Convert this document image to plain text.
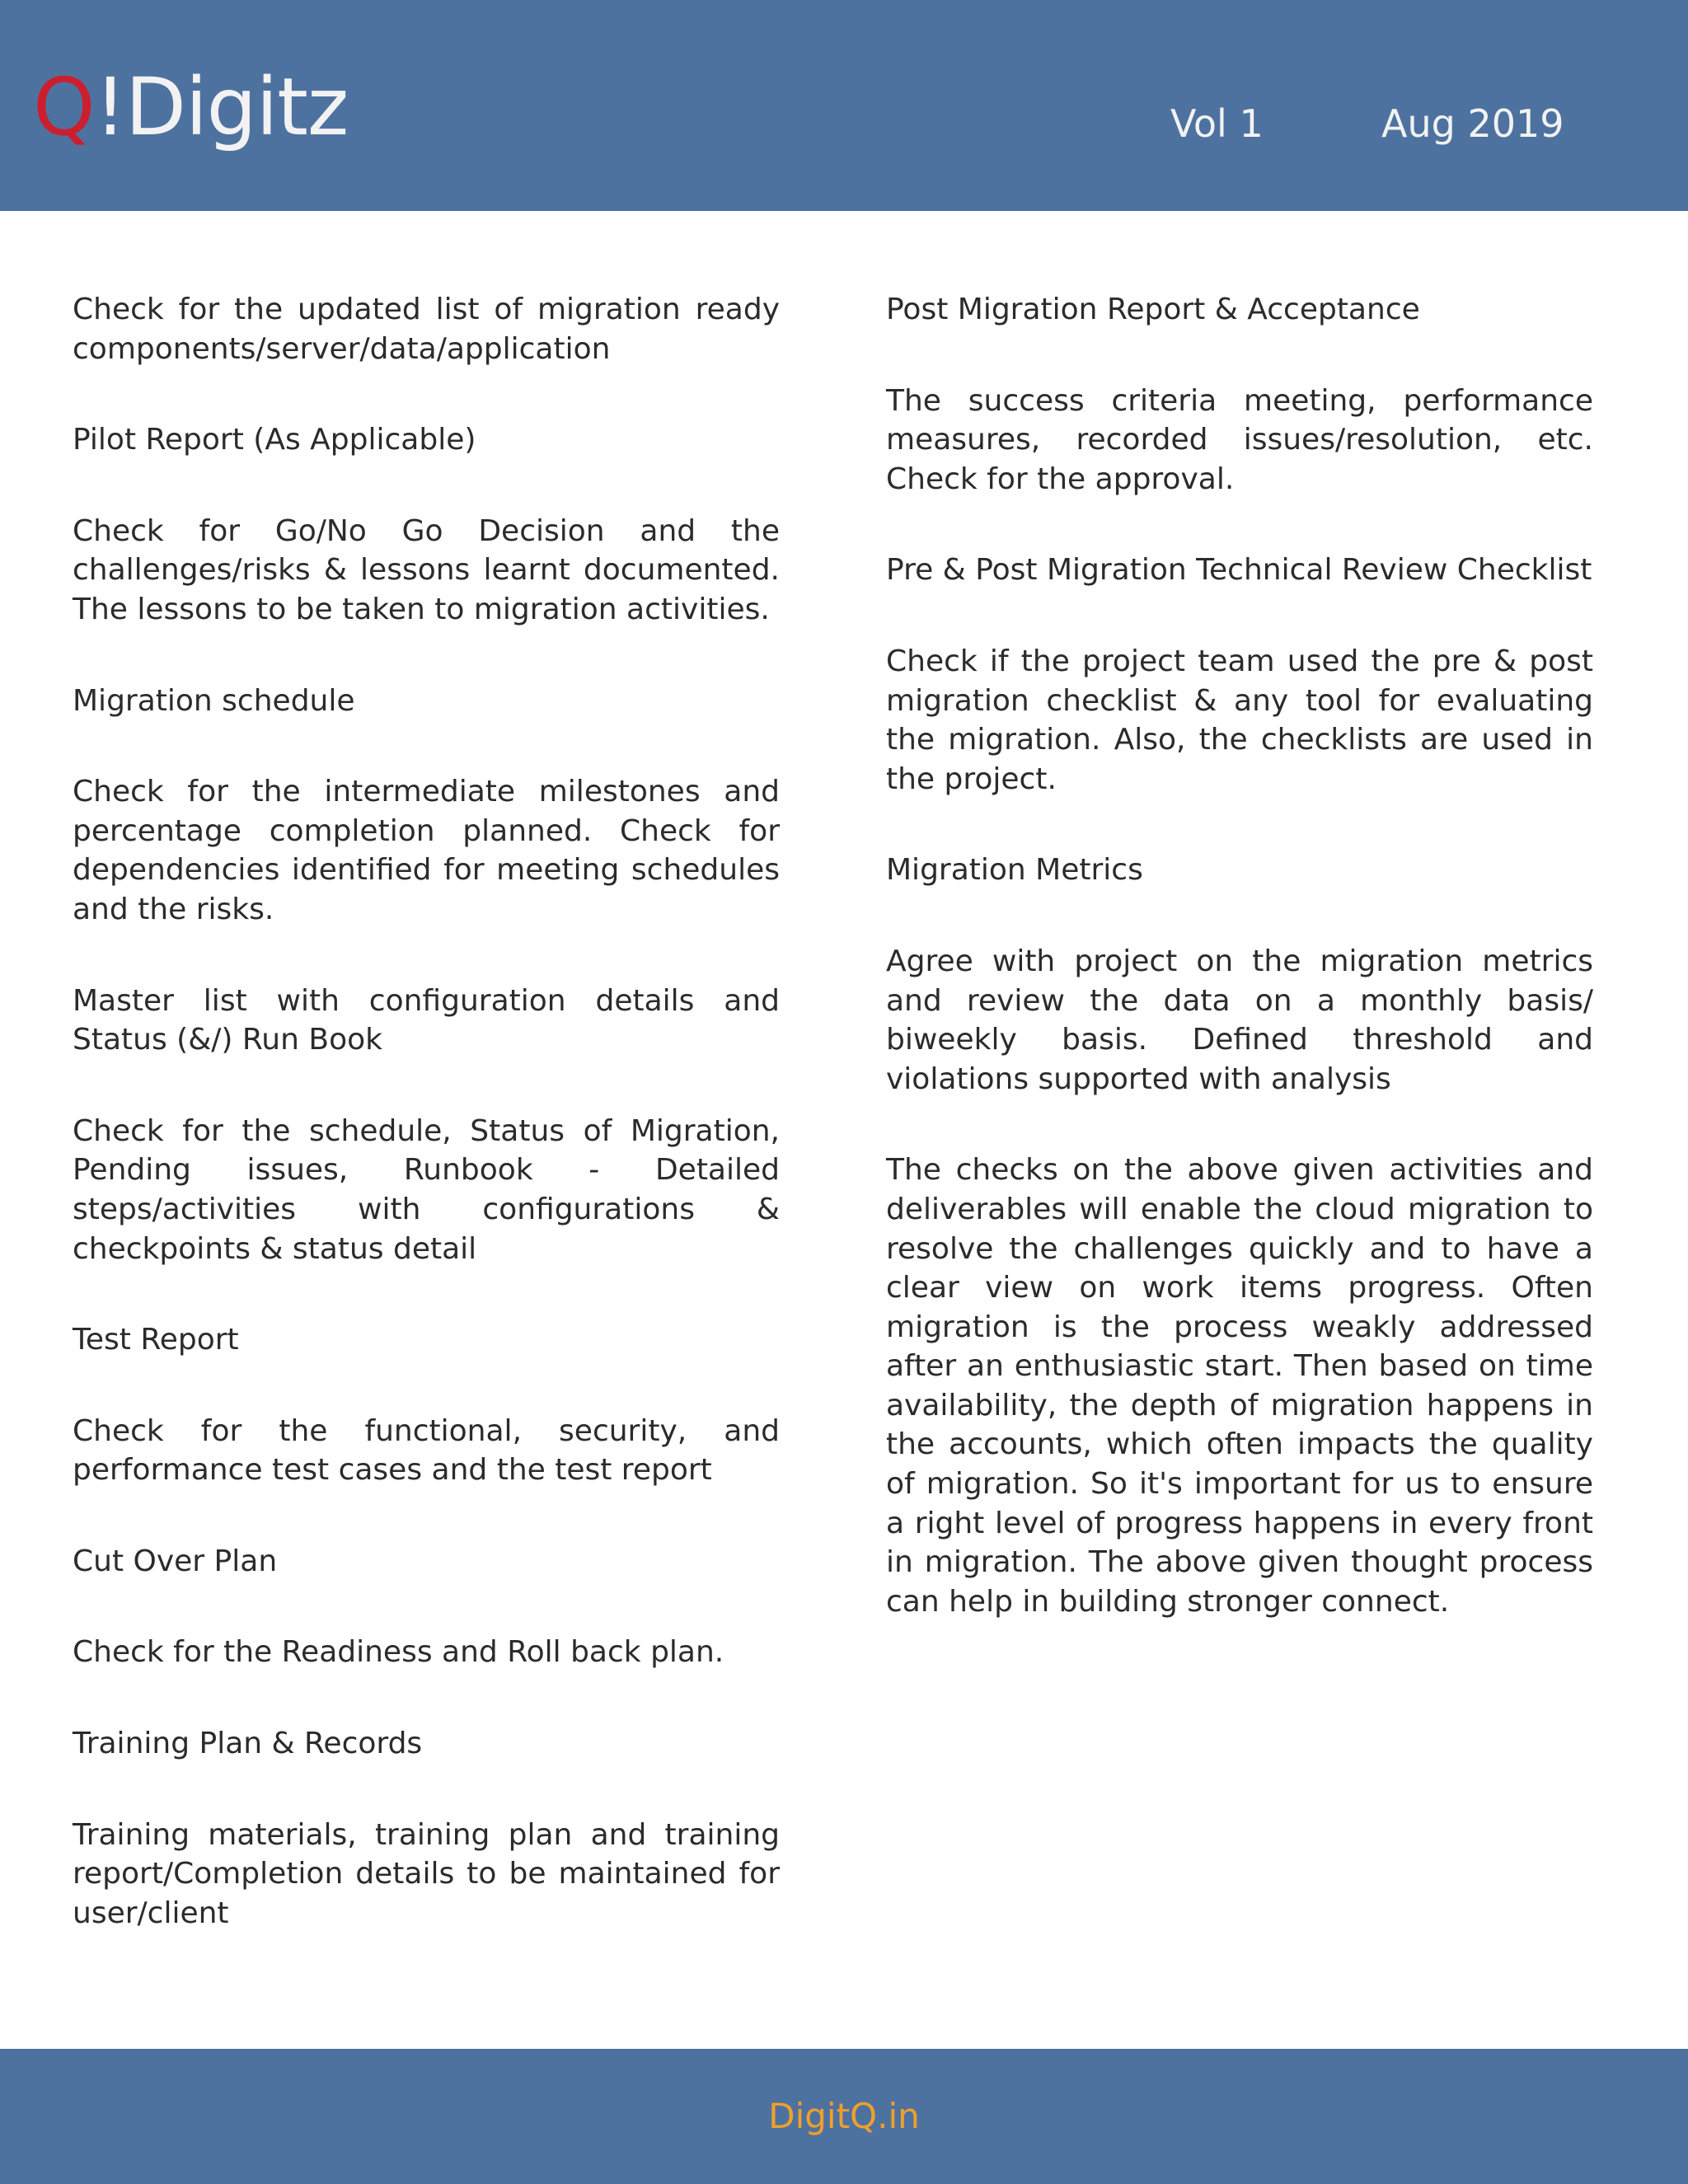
Q!Digitz	Vol 1	Aug 2019

Check for the updated list of migration ready components/server/data/application

Pilot Report (As Applicable)

Check for Go/No Go Decision and the challenges/risks & lessons learnt documented. The lessons to be taken to migration activities.

Migration schedule

Check for the intermediate milestones and percentage completion planned. Check for dependencies identified for meeting schedules and the risks.

Master list with configuration details and Status (&/) Run Book

Check for the schedule, Status of Migration, Pending issues, Runbook - Detailed steps/activities with configurations & checkpoints & status detail

Test Report

Check for the functional, security, and performance test cases and the test report

Cut Over Plan

Check for the Readiness and Roll back plan.

Training Plan & Records

Training materials, training plan and training report/Completion details to be maintained for user/client

Post Migration Report & Acceptance

The success criteria meeting, performance measures, recorded issues/resolution, etc. Check for the approval.

Pre & Post Migration Technical Review Checklist

Check if the project team used the pre & post migration checklist & any tool for evaluating the migration. Also, the checklists are used in the project.

Migration Metrics

Agree with project on the migration metrics and review the data on a monthly basis/ biweekly basis. Defined threshold and violations supported with analysis

The checks on the above given activities and deliverables will enable the cloud migration to resolve the challenges quickly and to have a clear view on work items progress. Often migration is the process weakly addressed after an enthusiastic start. Then based on time availability, the depth of migration happens in the accounts, which often impacts the quality of migration. So it's important for us to ensure a right level of progress happens in every front in migration. The above given thought process can help in building stronger connect.

DigitQ.in
